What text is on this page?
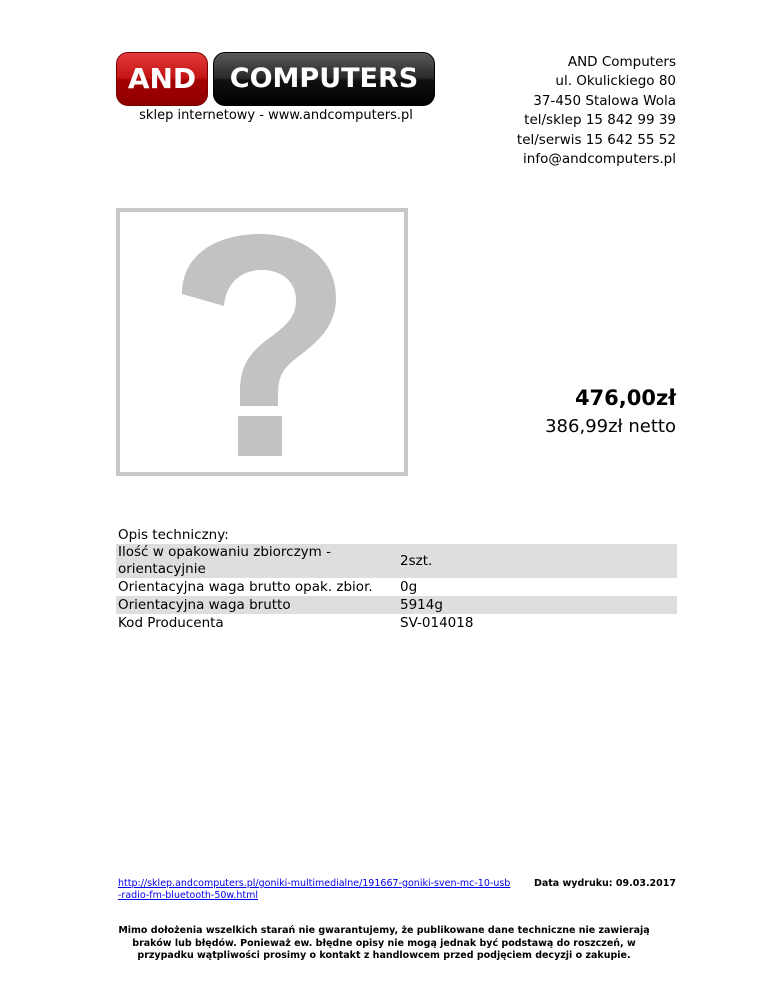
AND	COMPUTERS
sklep internetowy - www.andcomputers.pl
AND Computers
ul. Okulickiego 80
37-450 Stalowa Wola
tel/sklep 15 842 99 39
tel/serwis 15 642 55 52
info@andcomputers.pl
476,00zł
386,99zł netto
Opis techniczny:
Ilość w opakowaniu zbiorczym - orientacyjnie	2szt.
Orientacyjna waga brutto opak. zbior.	0g
Orientacyjna waga brutto	5914g
Kod Producenta	SV-014018
http://sklep.andcomputers.pl/goniki-multimedialne/191667-goniki-sven-mc-10-usb-radio-fm-bluetooth-50w.html
Data wydruku: 09.03.2017
Mimo dołożenia wszelkich starań nie gwarantujemy, że publikowane dane techniczne nie zawierają braków lub błędów. Ponieważ ew. błędne opisy nie mogą jednak być podstawą do roszczeń, w przypadku wątpliwości prosimy o kontakt z handlowcem przed podjęciem decyzji o zakupie.
